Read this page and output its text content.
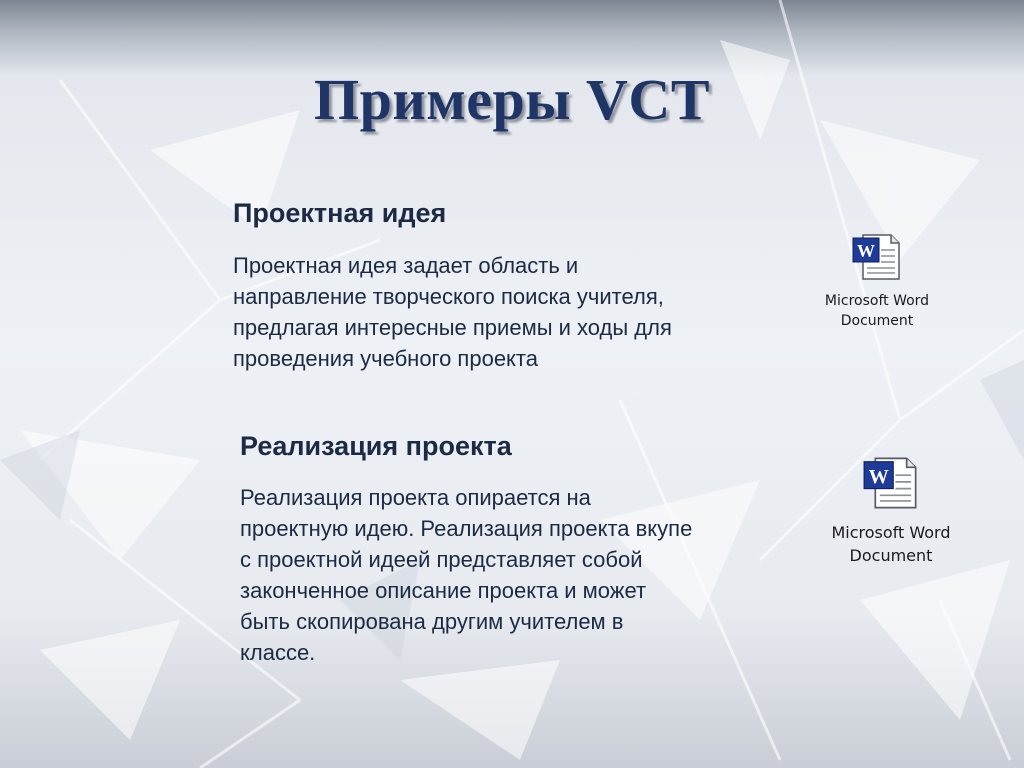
Примеры VCT
Проектная идея
Проектная идея задает область и
направление творческого поиска учителя,
предлагая интересные приемы и ходы для
проведения учебного проекта
Реализация проекта
Реализация проекта опирается на
проектную идею. Реализация проекта вкупе
с проектной идеей представляет собой
законченное описание проекта и может
быть скопирована другим учителем в
классе.
W
Microsoft Word
Document
W
Microsoft Word
Document
